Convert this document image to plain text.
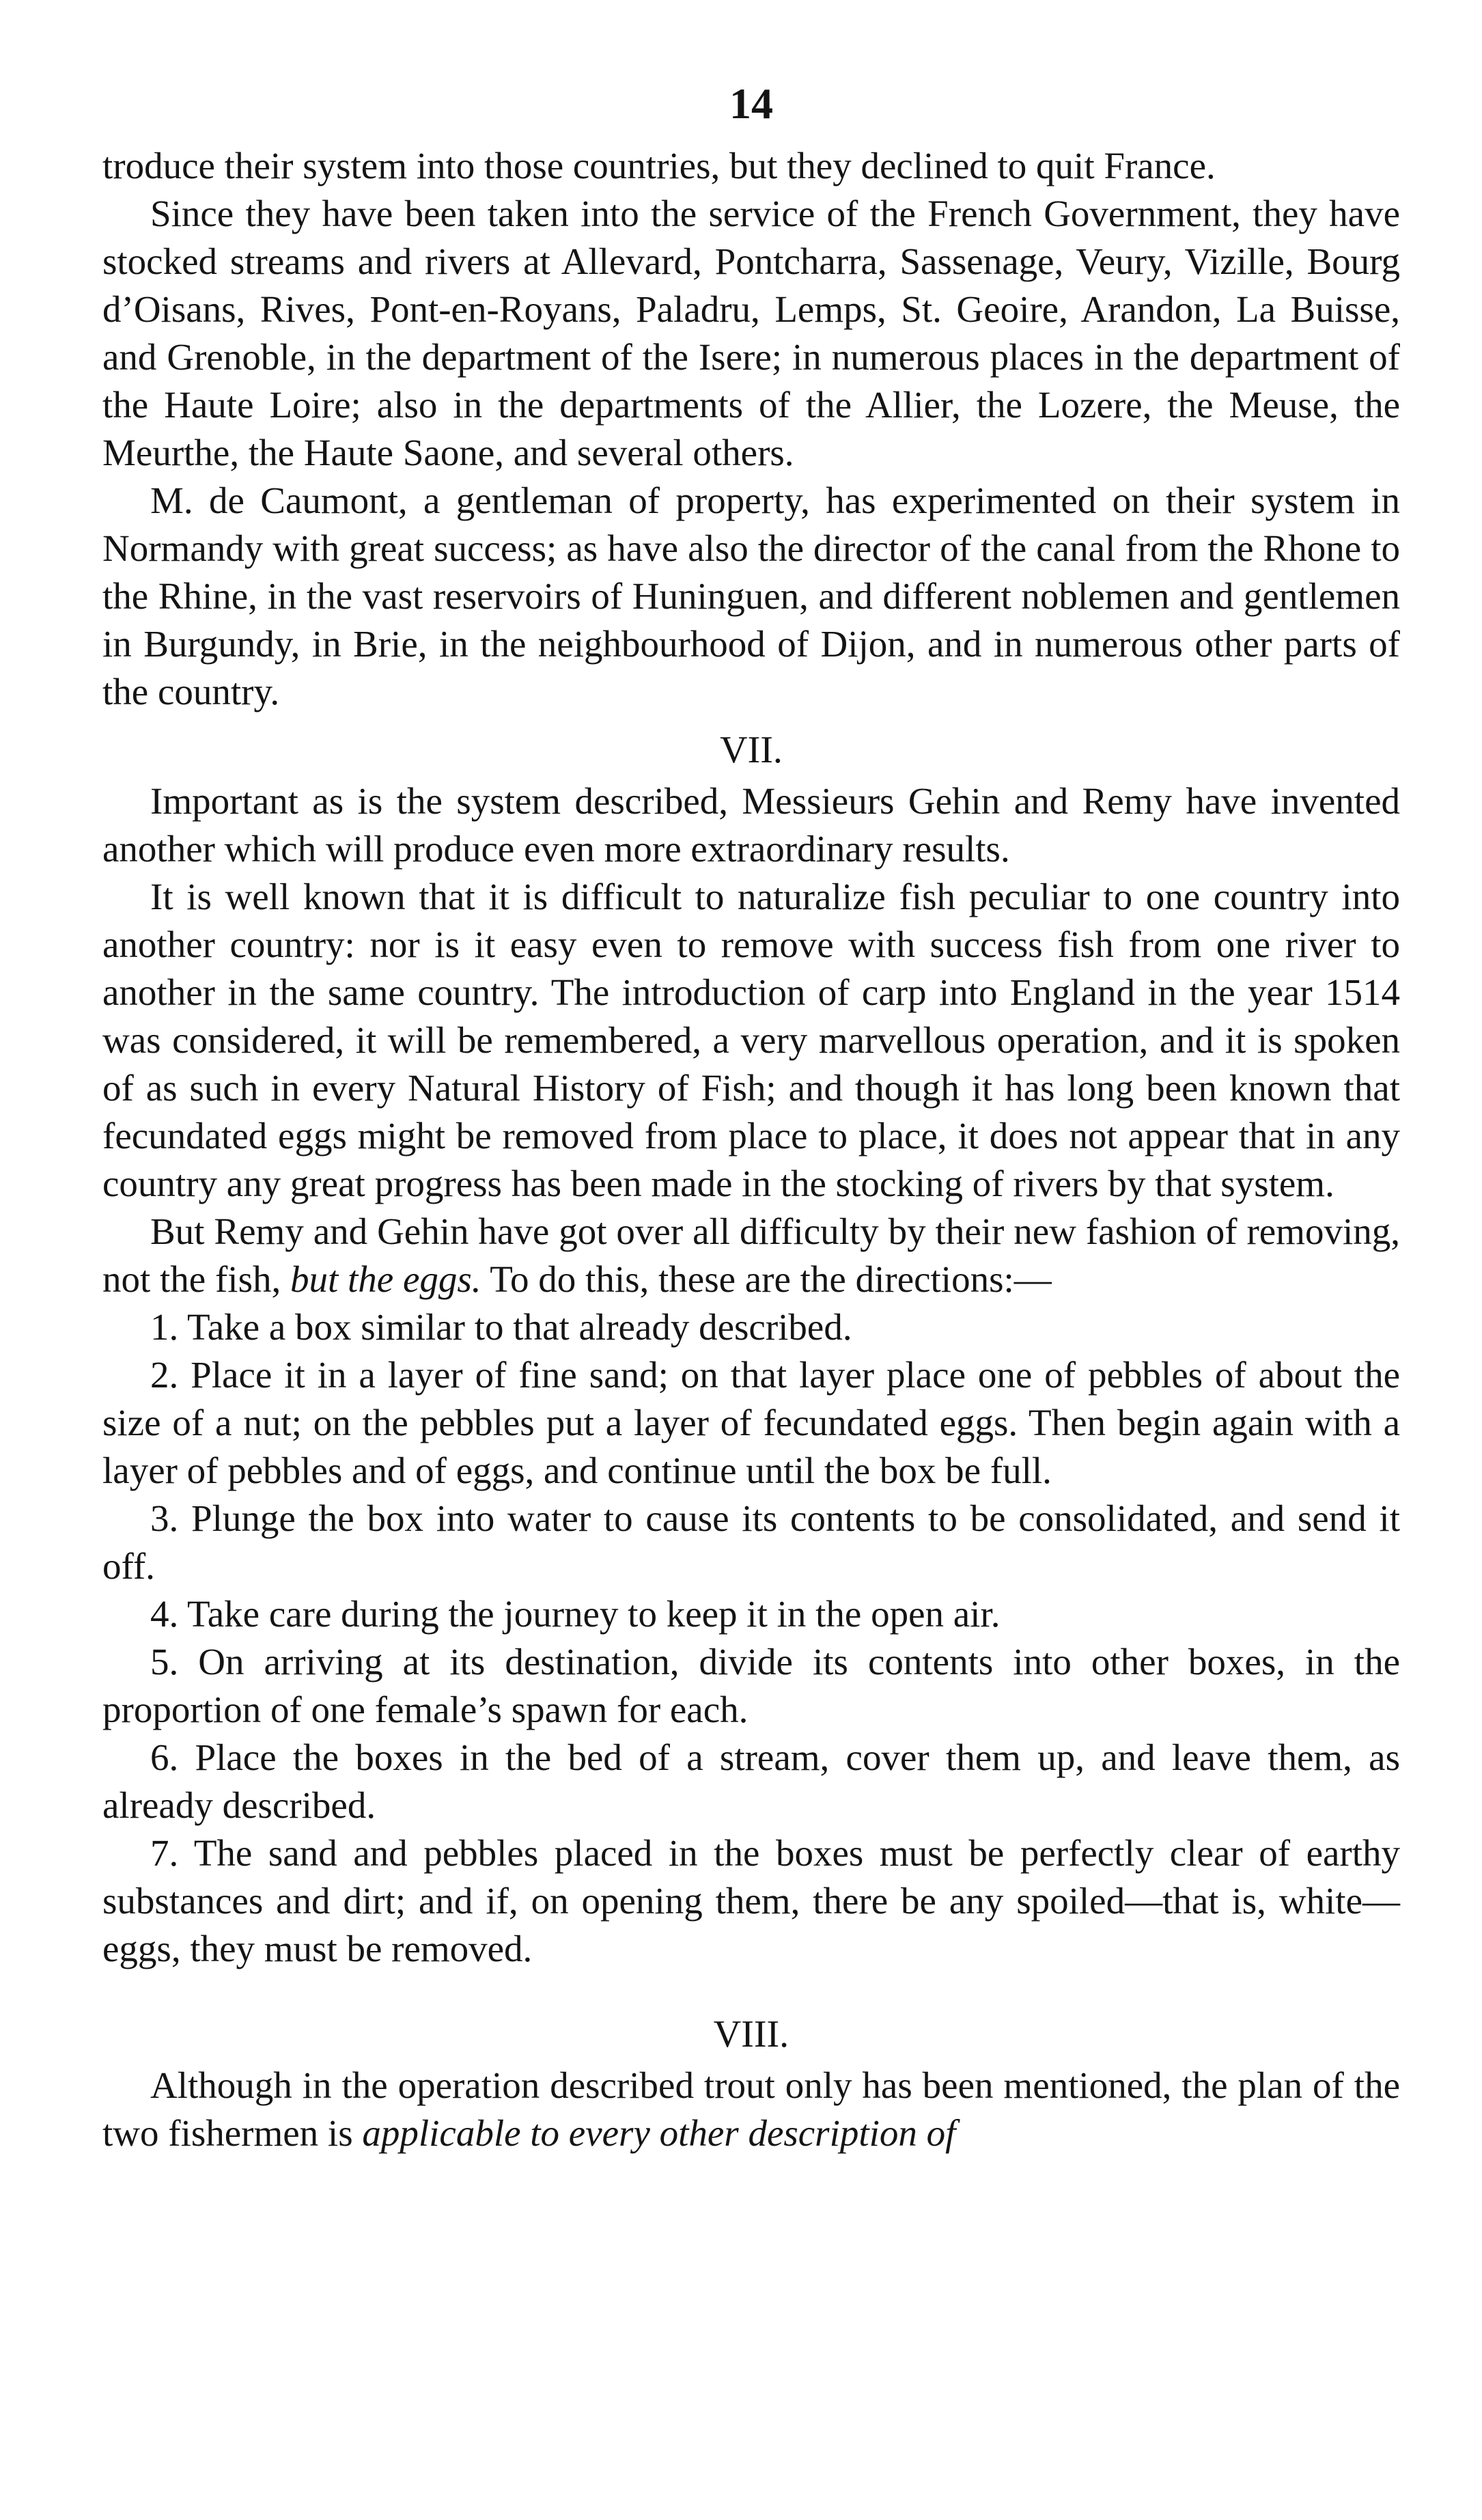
14

troduce their system into those countries, but they declined to quit France.

Since they have been taken into the service of the French Government, they have stocked streams and rivers at Allevard, Pontcharra, Sassenage, Veury, Vizille, Bourg d’Oisans, Rives, Pont-en-Royans, Paladru, Lemps, St. Geoire, Arandon, La Buisse, and Grenoble, in the department of the Isere; in numerous places in the department of the Haute Loire; also in the departments of the Allier, the Lozere, the Meuse, the Meurthe, the Haute Saone, and several others.

M. de Caumont, a gentleman of property, has experimented on their system in Normandy with great success; as have also the director of the canal from the Rhone to the Rhine, in the vast reservoirs of Huninguen, and different noblemen and gentlemen in Burgundy, in Brie, in the neighbourhood of Dijon, and in numerous other parts of the country.

VII.

Important as is the system described, Messieurs Gehin and Remy have invented another which will produce even more extraordinary results.

It is well known that it is difficult to naturalize fish peculiar to one country into another country: nor is it easy even to remove with success fish from one river to another in the same country. The introduction of carp into England in the year 1514 was considered, it will be remembered, a very marvellous operation, and it is spoken of as such in every Natural History of Fish; and though it has long been known that fecundated eggs might be removed from place to place, it does not appear that in any country any great progress has been made in the stocking of rivers by that system.

But Remy and Gehin have got over all difficulty by their new fashion of removing, not the fish, but the eggs. To do this, these are the directions:—

1. Take a box similar to that already described.

2. Place it in a layer of fine sand; on that layer place one of pebbles of about the size of a nut; on the pebbles put a layer of fecundated eggs. Then begin again with a layer of pebbles and of eggs, and continue until the box be full.

3. Plunge the box into water to cause its contents to be consolidated, and send it off.

4. Take care during the journey to keep it in the open air.

5. On arriving at its destination, divide its contents into other boxes, in the proportion of one female’s spawn for each.

6. Place the boxes in the bed of a stream, cover them up, and leave them, as already described.

7. The sand and pebbles placed in the boxes must be perfectly clear of earthy substances and dirt; and if, on opening them, there be any spoiled—that is, white—eggs, they must be removed.

VIII.

Although in the operation described trout only has been mentioned, the plan of the two fishermen is applicable to every other description of
